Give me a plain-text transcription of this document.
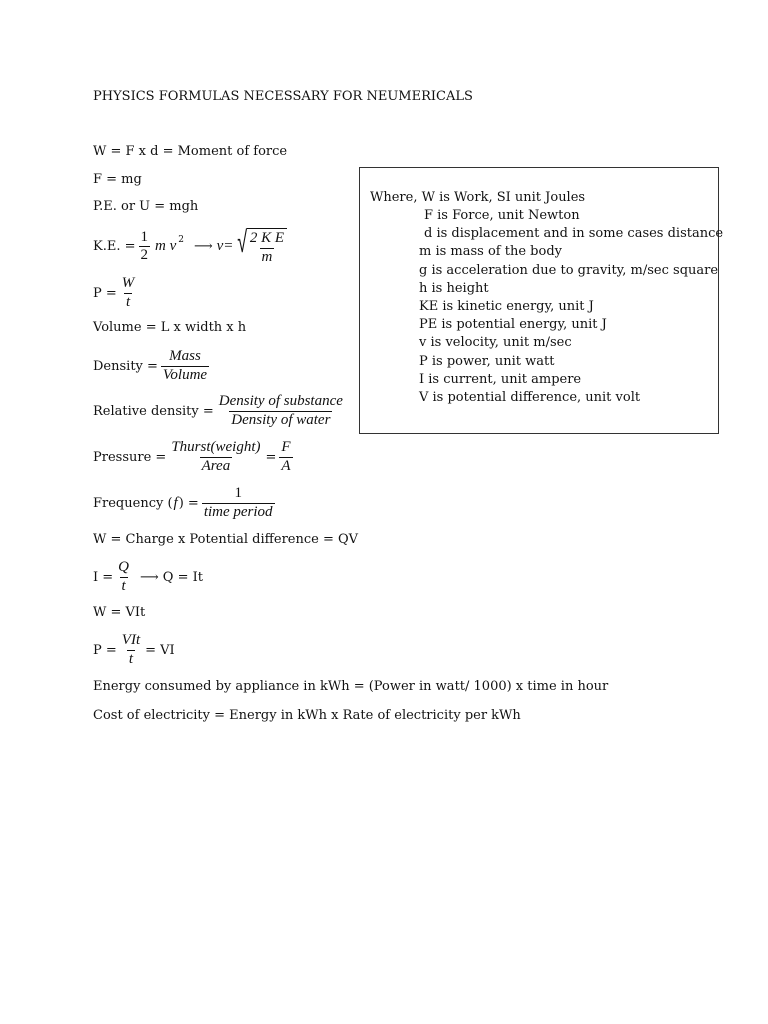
PHYSICS FORMULAS NECESSARY FOR NEUMERICALS
W = F x d = Moment of force
F = mg
P.E. or U = mgh
K.E. = $\frac{1}{2}$ m v 2 ⟶ v= √ $\frac{\text{2 K E}}{m}$
$P = \frac{W}{t}$
Volume = L x width x h
Density = $\frac{\text{Mass}}{\text{Volume}}$
Relative density = $\frac{\text{Density of substance}}{\text{Density of water}}$
Pressure = $\frac{\text{Thurst(weight)}}{\text{Area}} = \frac{F}{A}$
Frequency ( f ) = $\frac{1}{\text{time period}}$
W = Charge x Potential difference = QV
$I = \frac{Q}{t}$ ⟶ Q = It
W = VIt
$P = \frac{\text{VIt}}{t}$ = VI
Energy consumed by appliance in kWh = (Power in watt/ 1000) x time in hour
Cost of electricity = Energy in kWh x Rate of electricity per kWh
Where, W is Work, SI unit Joules
F is Force, unit Newton
d is displacement and in some cases distance
m is mass of the body
g is acceleration due to gravity, m/sec square
h is height
KE is kinetic energy, unit J
PE is potential energy, unit J
v is velocity, unit m/sec
P is power, unit watt
I is current, unit ampere
V is potential difference, unit volt
